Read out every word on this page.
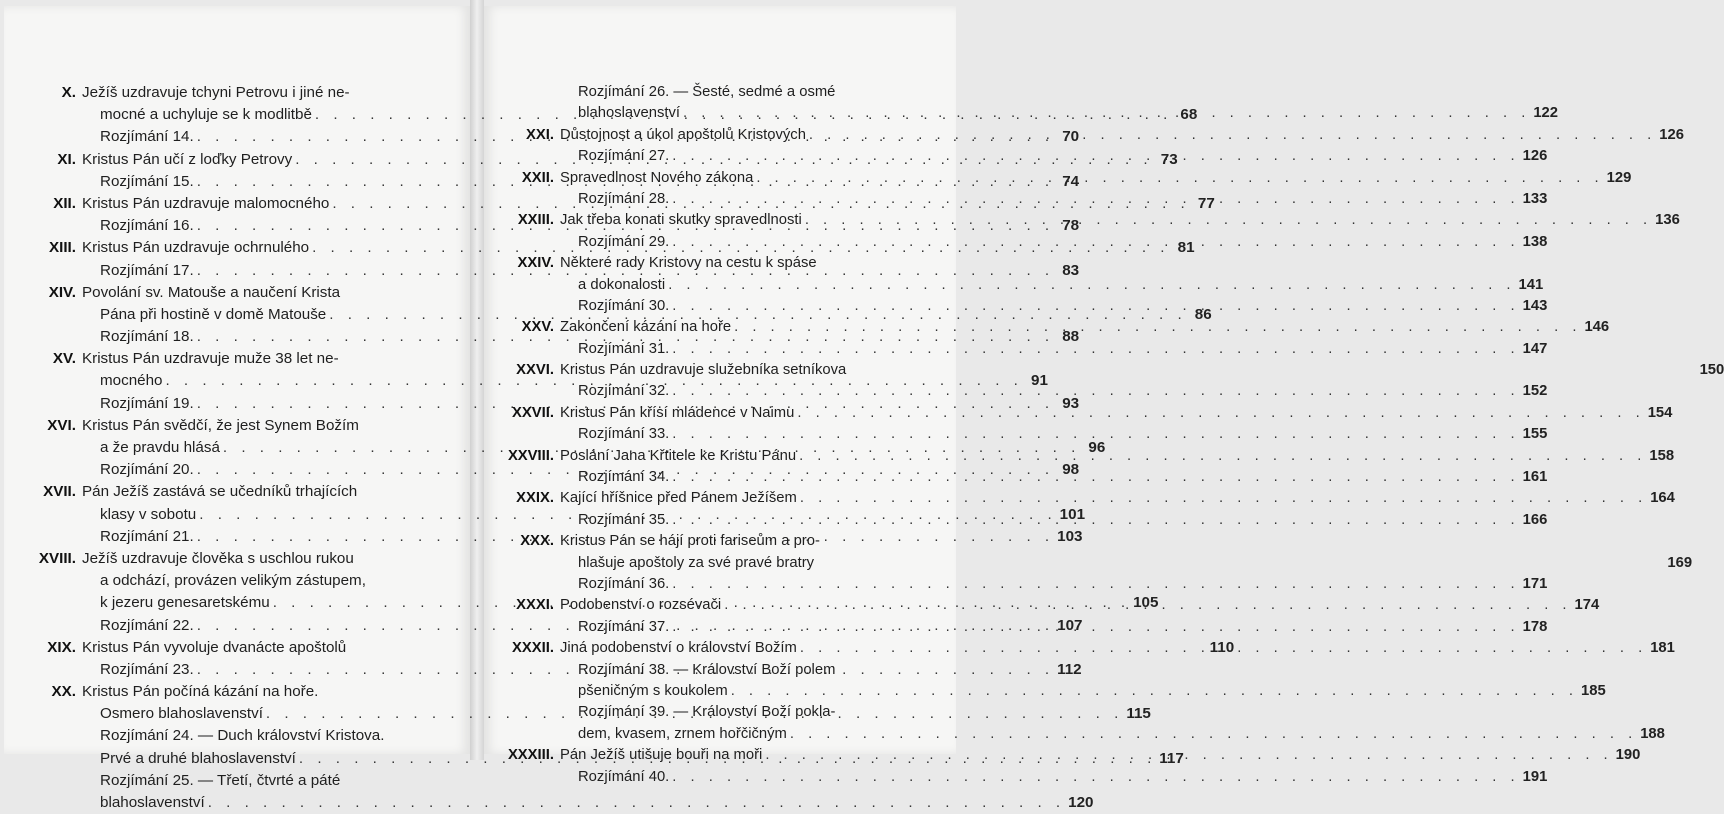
X. Ježíš uzdravuje tchyni Petrovu i jiné ne-
mocné a uchyluje se k modlitbě . . .	68
Rozjímání 14. . . .	70
XI. Kristus Pán učí z loďky Petrovy . . .	73
Rozjímání 15. . . .	74
XII. Kristus Pán uzdravuje malomocného . . .	77
Rozjímání 16. . . .	78
XIII. Kristus Pán uzdravuje ochrnulého . . .	81
Rozjímání 17. . . .	83
XIV. Povolání sv. Matouše a naučení Krista
Pána při hostině v domě Matouše . . .	86
Rozjímání 18. . . .	88
XV. Kristus Pán uzdravuje muže 38 let ne-
mocného . . .	91
Rozjímání 19. . . .	93
XVI. Kristus Pán svědčí, že jest Synem Božím
a že pravdu hlásá . . .	96
Rozjímání 20. . . .	98
XVII. Pán Ježíš zastává se učedníků trhajících
klasy v sobotu . . .	101
Rozjímání 21. . . .	103
XVIII. Ježíš uzdravuje člověka s uschlou rukou
a odchází, provázen velikým zástupem,
k jezeru genesaretskému . . .	105
Rozjímání 22. . . .	107
XIX. Kristus Pán vyvoluje dvanácte apoštolů	110
Rozjímání 23. . . .	112
XX. Kristus Pán počíná kázání na hoře.
Osmero blahoslavenství . . .	115
Rozjímání 24. — Duch království Kristova.
Prvé a druhé blahoslavenství . . .	117
Rozjímání 25. — Třetí, čtvrté a páté
blahoslavenství . . .	120
Rozjímání 26. — Šesté, sedmé a osmé
blahoslavenství . . .	122
XXI. Důstojnost a úkol apoštolů Kristových . . .	126
Rozjímání 27. . . .	126
XXII. Spravedlnost Nového zákona . . .	129
Rozjímání 28. . . .	133
XXIII. Jak třeba konati skutky spravedlnosti . . .	136
Rozjímání 29. . . .	138
XXIV. Některé rady Kristovy na cestu k spáse
a dokonalosti . . .	141
Rozjímání 30. . . .	143
XXV. Zakončení kázání na hoře . . .	146
Rozjímání 31. . . .	147
XXVI. Kristus Pán uzdravuje služebníka setníkova	150
Rozjímání 32. . . .	152
XXVII. Kristus Pán křísí mládence v Naimu . . .	154
Rozjímání 33. . . .	155
XXVIII. Poslání Jana Křtitele ke Kristu Pánu . . .	158
Rozjímání 34. . . .	161
XXIX. Kající hříšnice před Pánem Ježíšem . . .	164
Rozjímání 35. . . .	166
XXX. Kristus Pán se hájí proti fariseům a pro-
hlašuje apoštoly za své pravé bratry	169
Rozjímání 36. . . .	171
XXXI. Podobenství o rozsévači . . .	174
Rozjímání 37. . . .	178
XXXII. Jiná podobenství o království Božím . . .	181
Rozjímání 38. — Království Boží polem
pšeničným s koukolem . . .	185
Rozjímání 39. — Království Boží pokla-
dem, kvasem, zrnem hořčičným . . .	188
XXXIII. Pán Ježíš utišuje bouři na moři . . .	190
Rozjímání 40. . . .	191
